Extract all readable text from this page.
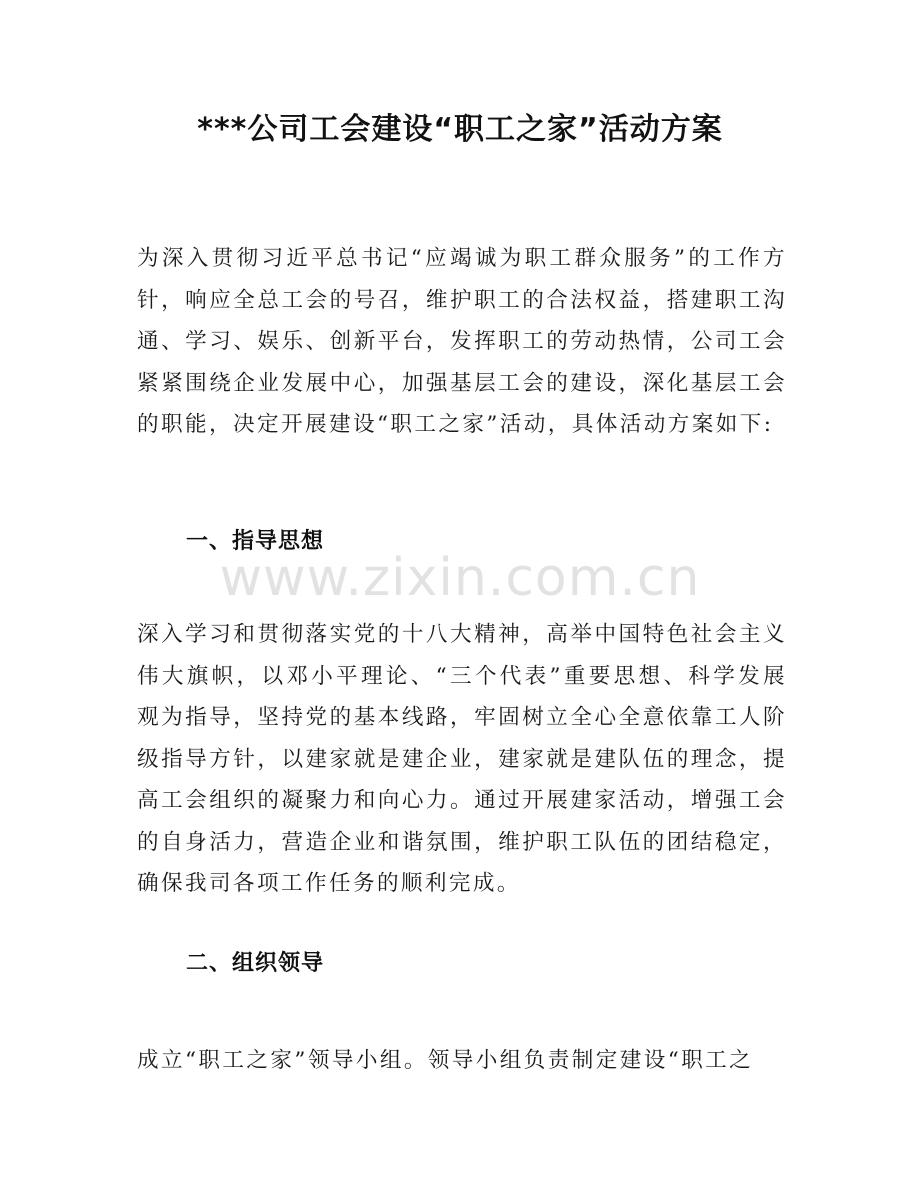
***公司工会建设“职工之家”活动方案

为深入贯彻习近平总书记“应竭诚为职工群众服务”的工作方针，响应全总工会的号召，维护职工的合法权益，搭建职工沟通、学习、娱乐、创新平台，发挥职工的劳动热情，公司工会紧紧围绕企业发展中心，加强基层工会的建设，深化基层工会的职能，决定开展建设“职工之家”活动，具体活动方案如下:

一、指导思想
www.zixin.com.cn

深入学习和贯彻落实党的十八大精神，高举中国特色社会主义伟大旗帜，以邓小平理论、“三个代表”重要思想、科学发展观为指导，坚持党的基本线路，牢固树立全心全意依靠工人阶级指导方针，以建家就是建企业，建家就是建队伍的理念，提高工会组织的凝聚力和向心力。通过开展建家活动，增强工会的自身活力，营造企业和谐氛围，维护职工队伍的团结稳定，确保我司各项工作任务的顺利完成。

二、组织领导

成立“职工之家”领导小组。领导小组负责制定建设“职工之
